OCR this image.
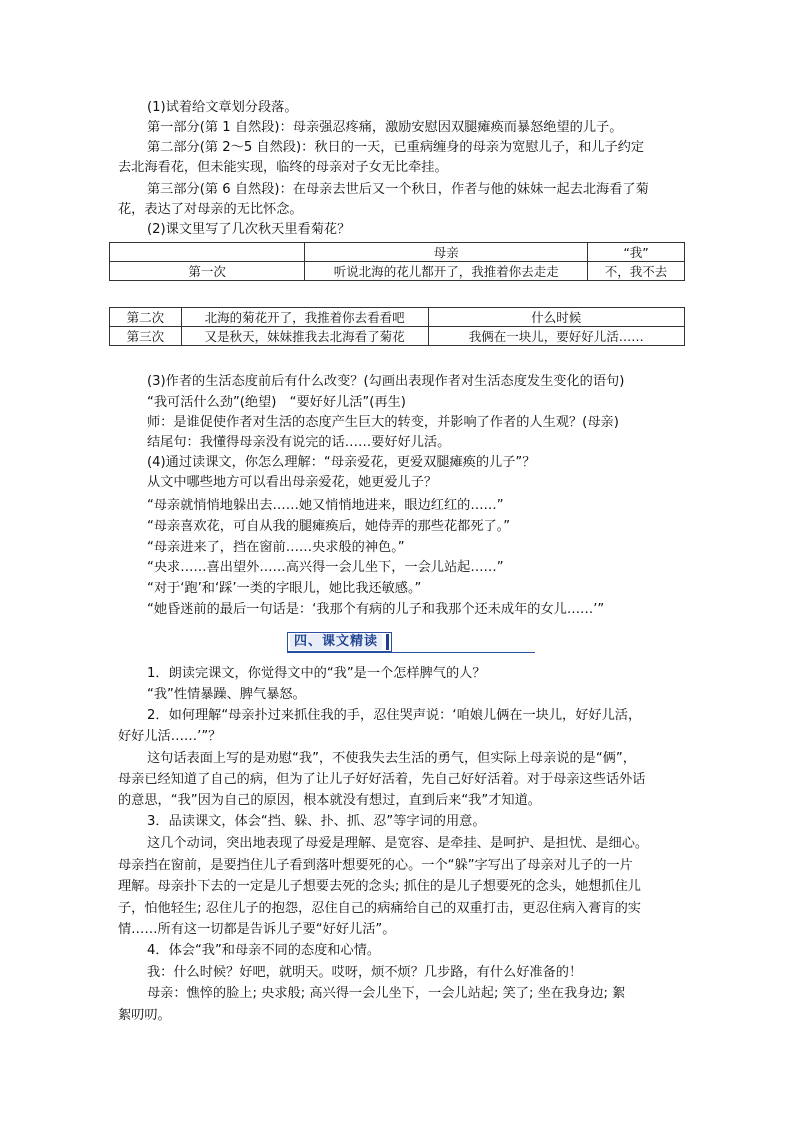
(1)试着给文章划分段落。
第一部分(第 1 自然段)：母亲强忍疼痛，激励安慰因双腿瘫痪而暴怒绝望的儿子。
第二部分(第 2～5 自然段)：秋日的一天，已重病缠身的母亲为宽慰儿子，和儿子约定
去北海看花，但未能实现，临终的母亲对子女无比牵挂。
第三部分(第 6 自然段)：在母亲去世后又一个秋日，作者与他的妹妹一起去北海看了菊
花，表达了对母亲的无比怀念。
(2)课文里写了几次秋天里看菊花？
	母亲	“我”
第一次	听说北海的花儿都开了，我推着你去走走	不，我不去
第二次	北海的菊花开了，我推着你去看看吧	什么时候
第三次	又是秋天，妹妹推我去北海看了菊花	我俩在一块儿，要好好儿活……
(3)作者的生活态度前后有什么改变？(勾画出表现作者对生活态度发生变化的语句)
“我可活什么劲”(绝望)　“要好好儿活”(再生)
师：是谁促使作者对生活的态度产生巨大的转变，并影响了作者的人生观？(母亲)
结尾句：我懂得母亲没有说完的话……要好好儿活。
(4)通过读课文，你怎么理解：“母亲爱花，更爱双腿瘫痪的儿子”？
从文中哪些地方可以看出母亲爱花，她更爱儿子？
“母亲就悄悄地躲出去……她又悄悄地进来，眼边红红的……”
“母亲喜欢花，可自从我的腿瘫痪后，她侍弄的那些花都死了。”
“母亲进来了，挡在窗前……央求般的神色。”
“央求……喜出望外……高兴得一会儿坐下，一会儿站起……”
“对于‘跑’和‘踩’一类的字眼儿，她比我还敏感。”
“她昏迷前的最后一句话是：‘我那个有病的儿子和我那个还未成年的女儿……’”
四、课文精读
1．朗读完课文，你觉得文中的“我”是一个怎样脾气的人？
“我”性情暴躁、脾气暴怒。
2．如何理解“母亲扑过来抓住我的手，忍住哭声说：‘咱娘儿俩在一块儿，好好儿活，
好好儿活……’”？
这句话表面上写的是劝慰“我”，不使我失去生活的勇气，但实际上母亲说的是“俩”，
母亲已经知道了自己的病，但为了让儿子好好活着，先自己好好活着。对于母亲这些话外话
的意思，“我”因为自己的原因，根本就没有想过，直到后来“我”才知道。
3．品读课文，体会“挡、躲、扑、抓、忍”等字词的用意。
这几个动词，突出地表现了母爱是理解、是宽容、是牵挂、是呵护、是担忧、是细心。
母亲挡在窗前，是要挡住儿子看到落叶想要死的心。一个“躲”字写出了母亲对儿子的一片
理解。母亲扑下去的一定是儿子想要去死的念头; 抓住的是儿子想要死的念头，她想抓住儿
子，怕他轻生; 忍住儿子的抱怨，忍住自己的病痛给自己的双重打击，更忍住病入膏肓的实
情……所有这一切都是告诉儿子要“好好儿活”。
4．体会“我”和母亲不同的态度和心情。
我：什么时候？好吧，就明天。哎呀，烦不烦？几步路，有什么好准备的！
母亲：憔悴的脸上; 央求般; 高兴得一会儿坐下，一会儿站起; 笑了; 坐在我身边; 絮
絮叨叨。
